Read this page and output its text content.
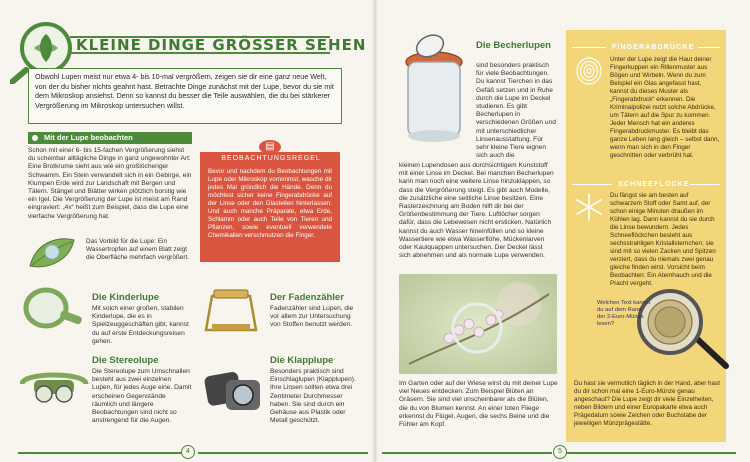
KLEINE DINGE GRÖSSER SEHEN
Obwohl Lupen meist nur etwa 4- bis 10-mal vergrößern, zeigen sie dir eine ganz neue Welt, von der du bisher nichts geahnt hast. Betrachte Dinge zunächst mit der Lupe, bevor du sie mit dem Mikroskop ansiehst. Denn so kannst du besser die Teile auswählen, die du bei stärkerer Vergrößerung im Mikroskop untersuchen willst.
Mit der Lupe beobachten
Schon mit einer 6- bis 15-fachen Vergrößerung siehst du scheinbar alltägliche Dinge in ganz ungewohnter Art: Eine Brotkrume sieht aus wie ein großlöcheriger Schwamm. Ein Stein verwandelt sich in ein Gebirge, ein Klumpen Erde wird zur Landschaft mit Bergen und Tälern. Stängel und Blätter wirken plötzlich borstig wie ein Igel. Die Vergrößerung der Lupe ist meist am Rand eingraviert: „4x“ heißt zum Beispiel, dass die Lupe eine vierfache Vergrößerung hat.
Das Vorbild für die Lupe: Ein Wassertropfen auf einem Blatt zeigt die Oberfläche mehrfach vergrößert.
▤
Bevor und nachdem du Beobachtungen mit Lupe oder Mikroskop vornimmst, wasche dir jedes Mal gründlich die Hände. Denn du möchtest sicher keine Fingerabdrücke auf der Linse oder den Glasteilen hinterlassen. Und auch manche Präparate, etwa Erde, Schlamm oder auch Teile von Tieren und Pflanzen, sowie eventuell verwendete Chemikalien verschmutzen die Finger.
BEOBACHTUNGSREGEL
Die Kinderlupe
Mit solch einer großen, stabilen Kinderlupe, die es in Spielzeuggeschäften gibt, kannst du auf erste Entdeckungsreisen gehen.
Die Stereolupe
Die Stereolupe zum Umschnallen besteht aus zwei einzelnen Lupen, für jedes Auge eine. Damit erscheinen Gegenstände räumlich und längere Beobachtungen sind nicht so anstrengend für die Augen.
Der Fadenzähler
Fadenzähler sind Lupen, die vor allem zur Untersuchung von Stoffen benutzt werden.
Die Klapplupe
Besonders praktisch sind Einschlaglupen (Klapplupen). Ihre Linsen sollten etwa drei Zentimeter Durchmesser haben. Sie sind durch ein Gehäuse aus Plastik oder Metall geschützt.
4
Die Becherlupen
sind besonders praktisch für viele Beobachtungen. Du kannst Tierchen in das Gefäß setzen und in Ruhe durch die Lupe im Deckel studieren. Es gibt Becherlupen in verschiedenen Größen und mit unterschiedlicher Linsenausstattung. Für sehr kleine Tiere eignen sich auch die
kleinen Lupendosen aus durchsichtigem Kunststoff mit einer Linse im Deckel. Bei manchen Becherlupen kann man noch eine weitere Linse hinzuklappen, so dass die Vergrößerung steigt. Es gibt auch Modelle, die zusätzliche eine seitliche Linse besitzen. Eine Rasterzeichnung am Boden hilft dir bei der Größenbestimmung der Tiere. Luftlöcher sorgen dafür, dass die Lebewesen nicht ersticken. Natürlich kannst du auch Wasser hineinfüllen und so kleine Wassertiere wie etwa Wasserflöhe, Mückenlarven oder Kaulquappen untersuchen. Der Deckel lässt sich abnehmen und als normale Lupe verwenden.
Im Garten oder auf der Wiese wirst du mit deiner Lupe viel Neues entdecken. Zum Beispiel Blüten an Gräsern. Sie sind viel unscheinbarer als die Blüten, die du von Blumen kennst. An einer toten Fliege erkennst du Flügel, Augen, die sechs Beine und die Fühler am Kopf.
FINGERABDRÜCKE
Unter der Lupe zeigt die Haut deiner Fingerkuppen ein Rillenmuster aus Bögen und Wirbeln. Wenn du zum Beispiel ein Glas angefasst hast, kannst du dieses Muster als „Fingerabdruck“ erkennen. Die Kriminalpolizei nutzt solche Abdrücke, um Tätern auf die Spur zu kommen. Jeder Mensch hat ein anderes Fingerabdruckmuster. Es bleibt das ganze Leben lang gleich – selbst dann, wenn man sich in den Finger geschnitten oder verbrüht hat.
SCHNEEFLOCKE
Du fängst sie am besten auf schwarzem Stoff oder Samt auf, der schon einige Minuten draußen im Kühlen lag. Dann kannst du sie durch die Linse bewundern. Jedes Schneeflöckchen besteht aus sechsstrahligen Kristallsternchen; sie sind mit so vielen Zacken und Spitzen verziert, dass du niemals zwei genau gleiche finden wirst. Vorsicht beim Beobachten: Ein Atemhauch und die Pracht vergeht.
Welchen Text kannst du auf dem Rand der 2-Euro-Münze lesen?
Du hast sie vermutlich täglich in der Hand, aber hast du dir schon mal eine 1-Euro-Münze genau angeschaut? Die Lupe zeigt dir viele Einzelheiten, neben Bildern und einer Europakarte etwa auch Prägedatum sowie Zeichen oder Buchstabe der jeweiligen Münzprägestätte.
5
